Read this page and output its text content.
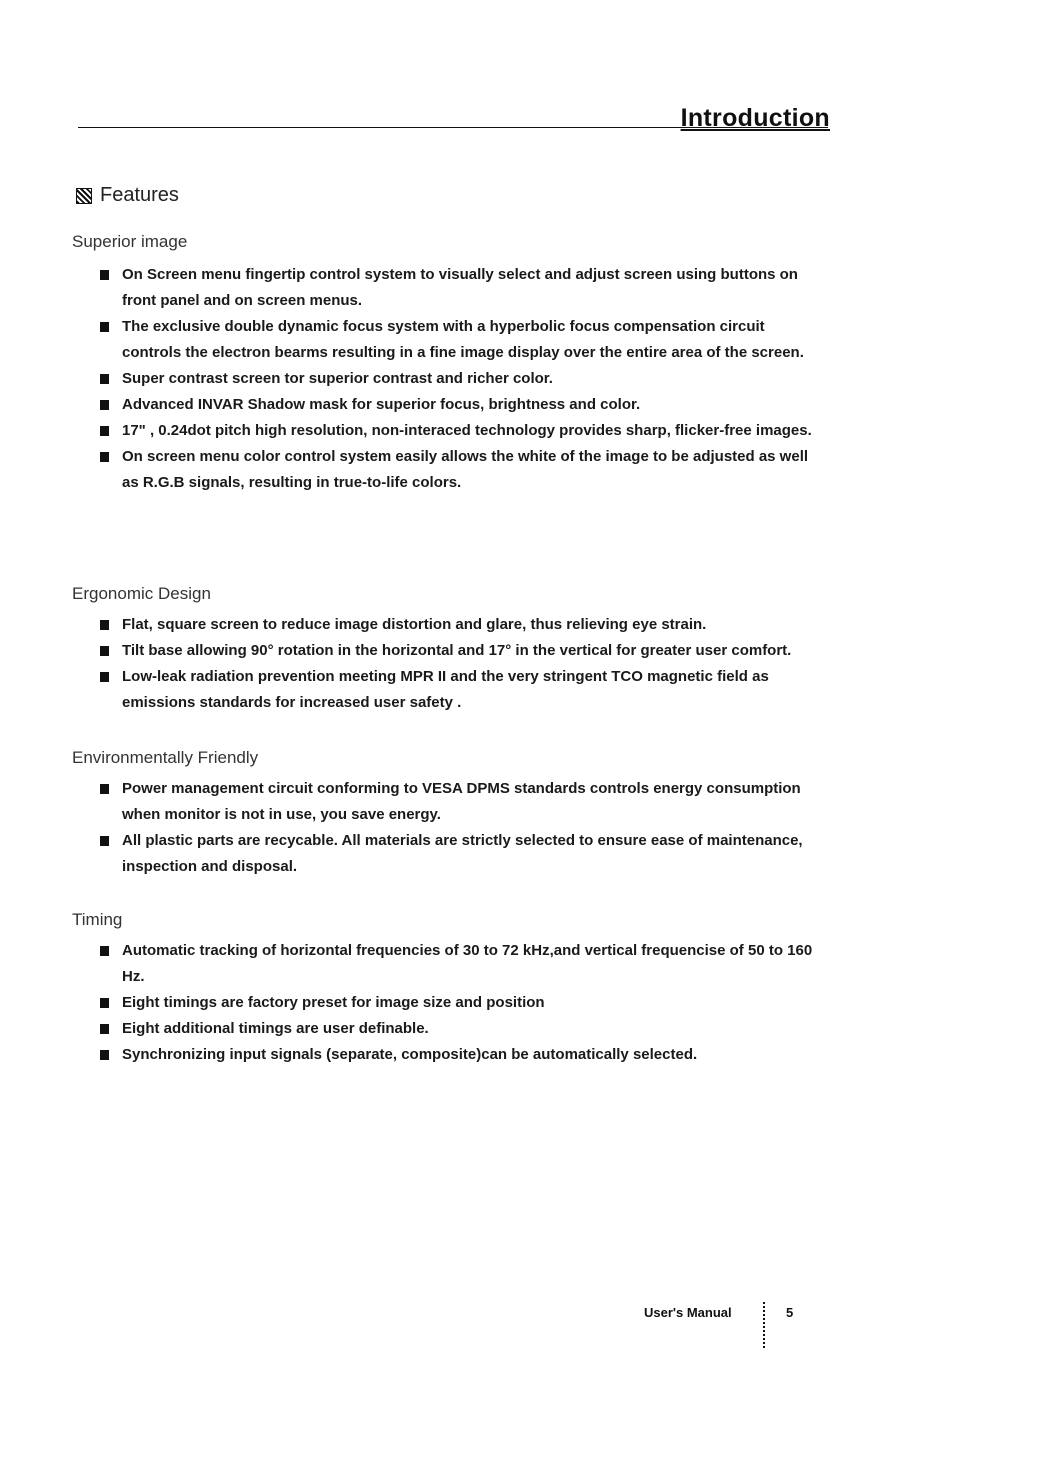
Introduction
Features
Superior image
On Screen menu fingertip control system to visually select and adjust screen using buttons on front panel and on screen menus.
The exclusive double dynamic focus system with a hyperbolic focus compensation circuit controls the electron bearms resulting in a fine image display over the entire area of the screen.
Super contrast screen tor superior contrast and richer color.
Advanced INVAR Shadow mask for superior focus, brightness and color.
17" , 0.24dot pitch high resolution, non-interaced technology provides sharp, flicker-free images.
On screen menu color control system easily allows the white of the image to be adjusted as well as R.G.B signals, resulting in true-to-life colors.
Ergonomic Design
Flat, square screen to reduce image distortion and glare, thus relieving eye strain.
Tilt base allowing 90° rotation in the horizontal and 17° in the vertical for greater user comfort.
Low-leak radiation prevention meeting MPR II and the very stringent TCO magnetic field as emissions standards for increased user safety .
Environmentally Friendly
Power management circuit conforming to VESA DPMS standards controls energy consumption when monitor is not in use, you save energy.
All plastic parts are recycable. All materials are strictly selected to ensure ease of maintenance, inspection and disposal.
Timing
Automatic tracking of horizontal frequencies of 30 to 72 kHz,and vertical frequencise of 50 to 160 Hz.
Eight timings are factory preset for image size and position
Eight additional timings are user definable.
Synchronizing input signals (separate, composite)can be automatically selected.
User's Manual	5
